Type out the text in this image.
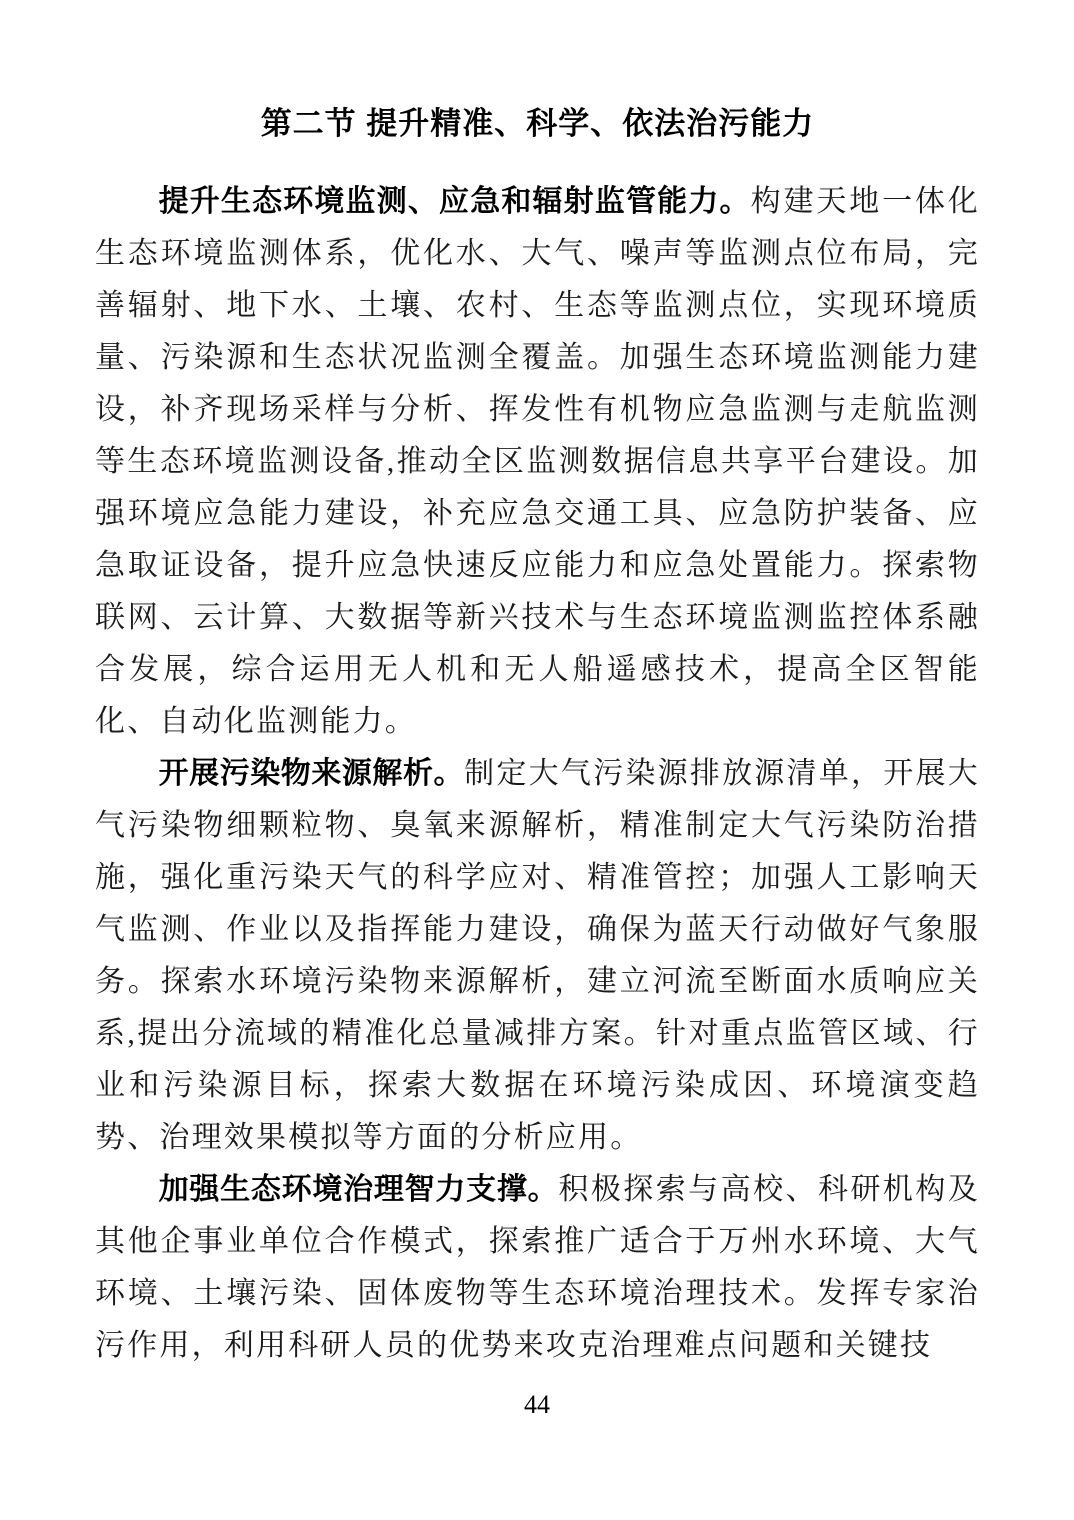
第二节 提升精准、科学、依法治污能力

提升生态环境监测、应急和辐射监管能力。构建天地一体化生态环境监测体系，优化水、大气、噪声等监测点位布局，完善辐射、地下水、土壤、农村、生态等监测点位，实现环境质量、污染源和生态状况监测全覆盖。加强生态环境监测能力建设，补齐现场采样与分析、挥发性有机物应急监测与走航监测等生态环境监测设备,推动全区监测数据信息共享平台建设。加强环境应急能力建设，补充应急交通工具、应急防护装备、应急取证设备，提升应急快速反应能力和应急处置能力。探索物联网、云计算、大数据等新兴技术与生态环境监测监控体系融合发展，综合运用无人机和无人船遥感技术，提高全区智能化、自动化监测能力。

开展污染物来源解析。制定大气污染源排放源清单，开展大气污染物细颗粒物、臭氧来源解析，精准制定大气污染防治措施，强化重污染天气的科学应对、精准管控；加强人工影响天气监测、作业以及指挥能力建设，确保为蓝天行动做好气象服务。探索水环境污染物来源解析，建立河流至断面水质响应关系,提出分流域的精准化总量减排方案。针对重点监管区域、行业和污染源目标，探索大数据在环境污染成因、环境演变趋势、治理效果模拟等方面的分析应用。

加强生态环境治理智力支撑。积极探索与高校、科研机构及其他企事业单位合作模式，探索推广适合于万州水环境、大气环境、土壤污染、固体废物等生态环境治理技术。发挥专家治污作用，利用科研人员的优势来攻克治理难点问题和关键技

44
